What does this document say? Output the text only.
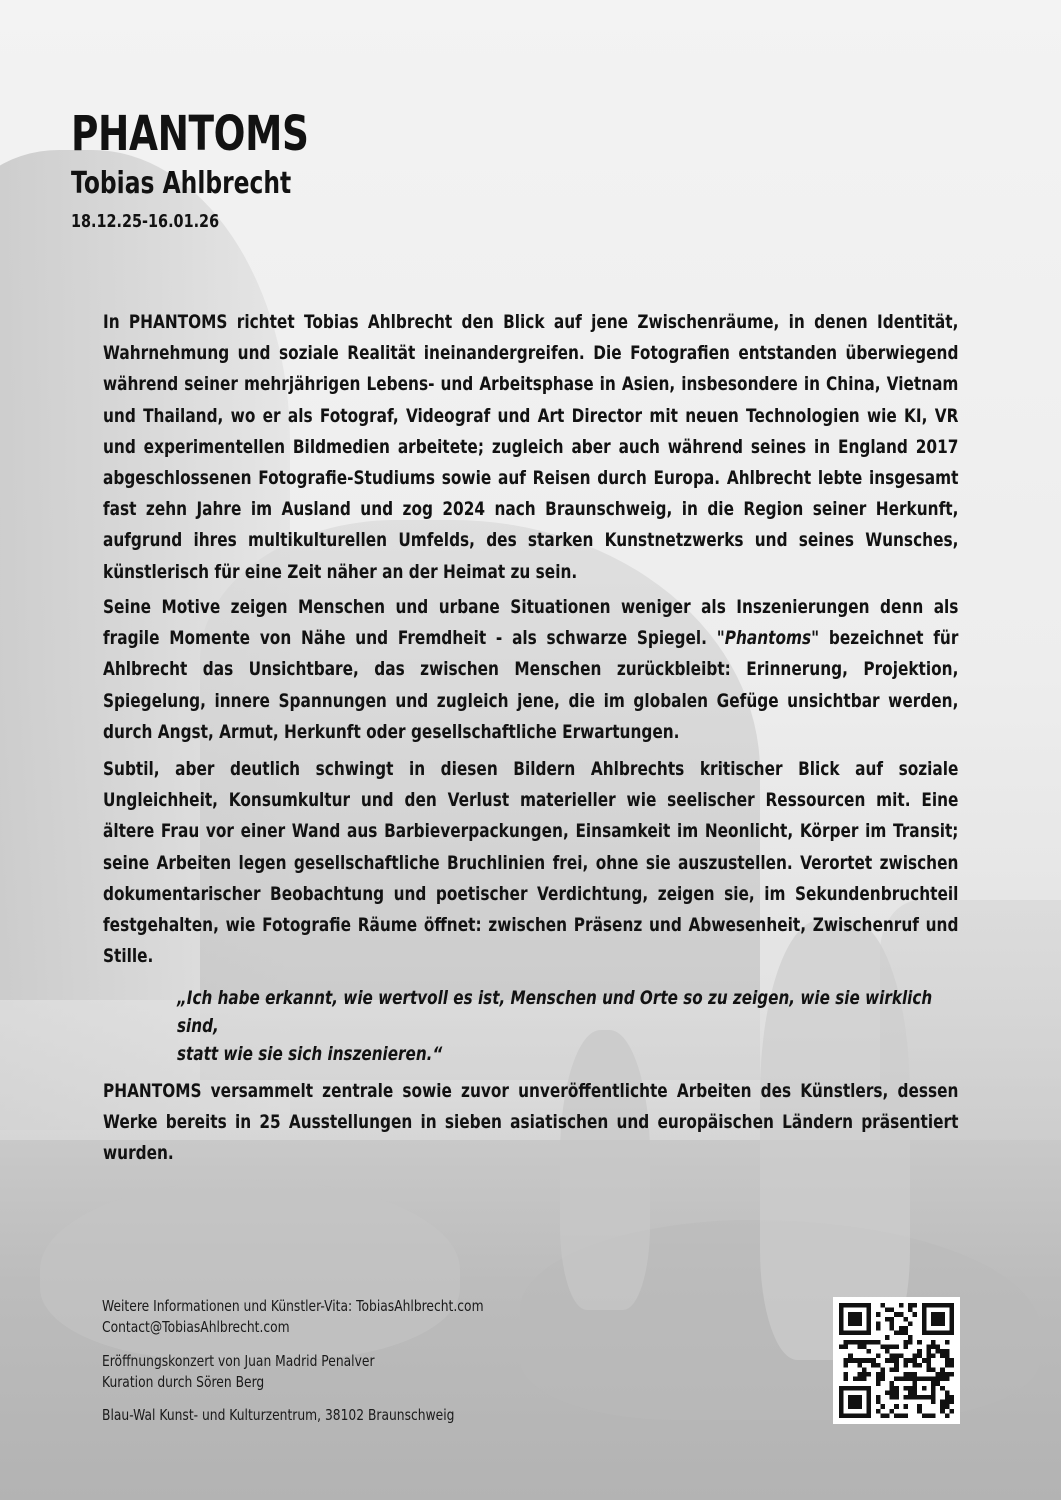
PHANTOMS
Tobias Ahlbrecht
18.12.25-16.01.26

In PHANTOMS richtet Tobias Ahlbrecht den Blick auf jene Zwischenräume, in denen Identität, Wahrnehmung und soziale Realität ineinandergreifen. Die Fotografien entstanden überwiegend während seiner mehrjährigen Lebens- und Arbeitsphase in Asien, insbesondere in China, Vietnam und Thailand, wo er als Fotograf, Videograf und Art Director mit neuen Technologien wie KI, VR und experimentellen Bildmedien arbeitete; zugleich aber auch während seines in England 2017 abgeschlossenen Fotografie-Studiums sowie auf Reisen durch Europa. Ahlbrecht lebte insgesamt fast zehn Jahre im Ausland und zog 2024 nach Braunschweig, in die Region seiner Herkunft, aufgrund ihres multikulturellen Umfelds, des starken Kunstnetzwerks und seines Wunsches, künstlerisch für eine Zeit näher an der Heimat zu sein.

Seine Motive zeigen Menschen und urbane Situationen weniger als Inszenierungen denn als fragile Momente von Nähe und Fremdheit - als schwarze Spiegel. "Phantoms" bezeichnet für Ahlbrecht das Unsichtbare, das zwischen Menschen zurückbleibt: Erinnerung, Projektion, Spiegelung, innere Spannungen und zugleich jene, die im globalen Gefüge unsichtbar werden, durch Angst, Armut, Herkunft oder gesellschaftliche Erwartungen.

Subtil, aber deutlich schwingt in diesen Bildern Ahlbrechts kritischer Blick auf soziale Ungleichheit, Konsumkultur und den Verlust materieller wie seelischer Ressourcen mit. Eine ältere Frau vor einer Wand aus Barbieverpackungen, Einsamkeit im Neonlicht, Körper im Transit; seine Arbeiten legen gesellschaftliche Bruchlinien frei, ohne sie auszustellen. Verortet zwischen dokumentarischer Beobachtung und poetischer Verdichtung, zeigen sie, im Sekundenbruchteil festgehalten, wie Fotografie Räume öffnet: zwischen Präsenz und Abwesenheit, Zwischenruf und Stille.

„Ich habe erkannt, wie wertvoll es ist, Menschen und Orte so zu zeigen, wie sie wirklich sind,
statt wie sie sich inszenieren.“

PHANTOMS versammelt zentrale sowie zuvor unveröffentlichte Arbeiten des Künstlers, dessen Werke bereits in 25 Ausstellungen in sieben asiatischen und europäischen Ländern präsentiert wurden.

Weitere Informationen und Künstler-Vita: TobiasAhlbrecht.com
Contact@TobiasAhlbrecht.com
Eröffnungskonzert von Juan Madrid Penalver
Kuration durch Sören Berg
Blau-Wal Kunst- und Kulturzentrum, 38102 Braunschweig
